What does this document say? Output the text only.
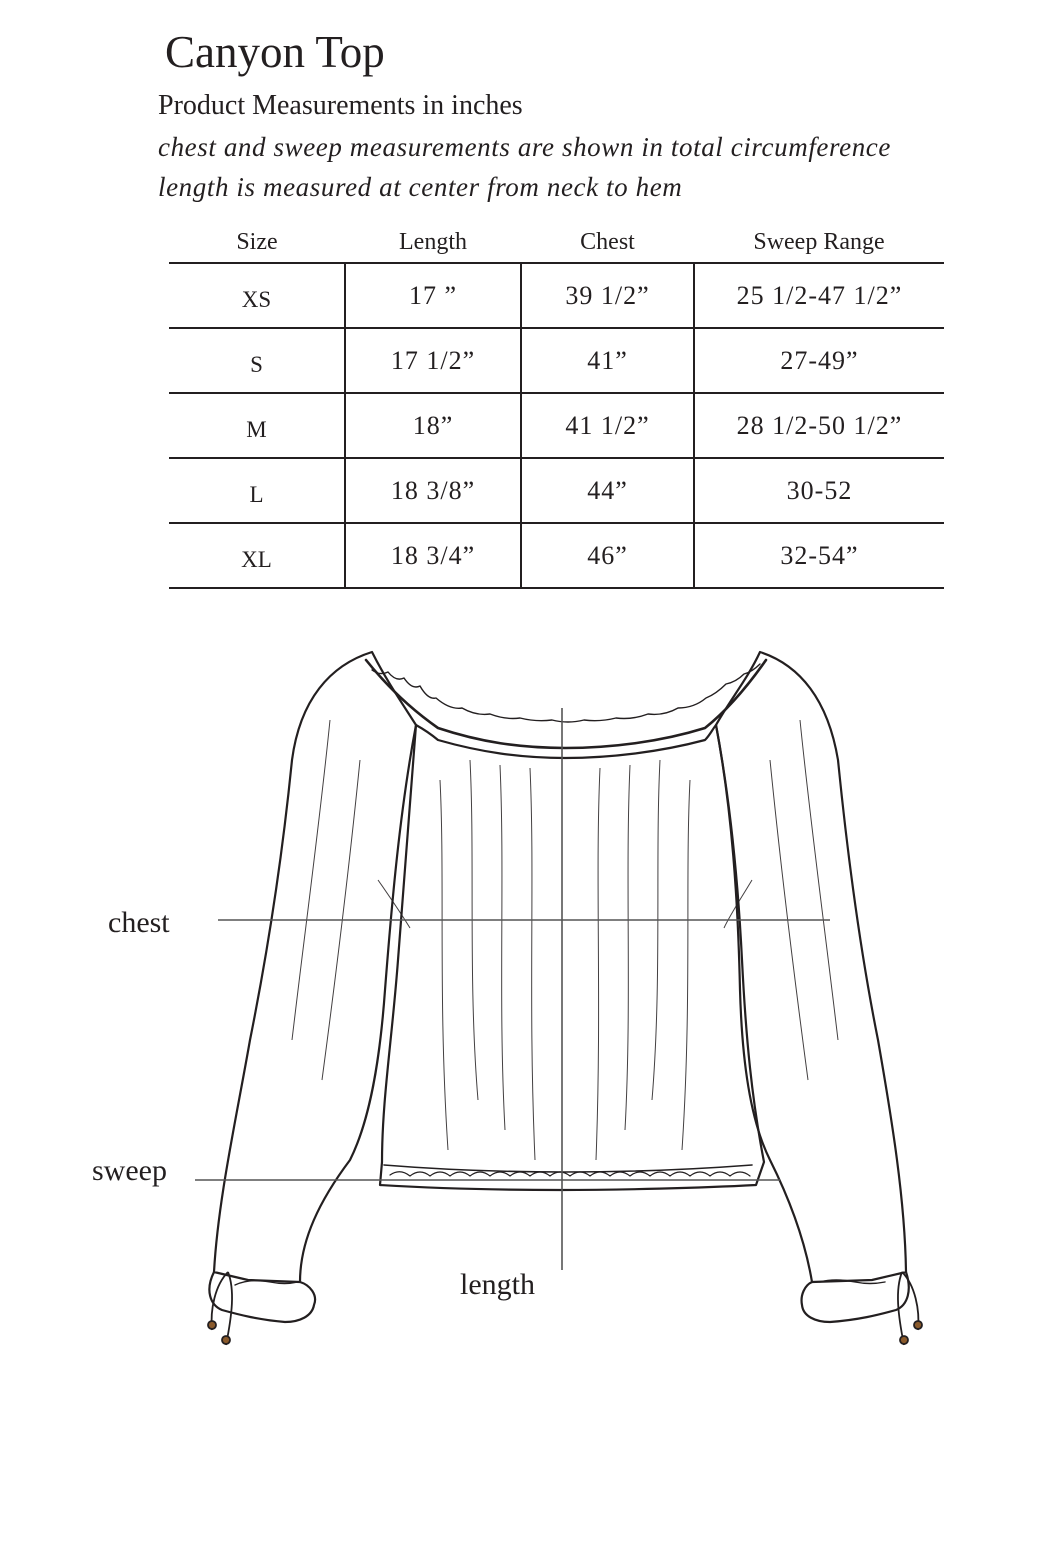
Canyon Top
Product Measurements in inches
chest and sweep measurements are shown in total circumference
length is measured at center from neck to hem
Size	Length	Chest	Sweep Range
XS	17 ”	39 1/2”	25 1/2-47 1/2”
S	17 1/2”	41”	27-49”
M	18”	41 1/2”	28 1/2-50 1/2”
L	18 3/8”	44”	30-52
XL	18 3/4”	46”	32-54”
chest
sweep
length
